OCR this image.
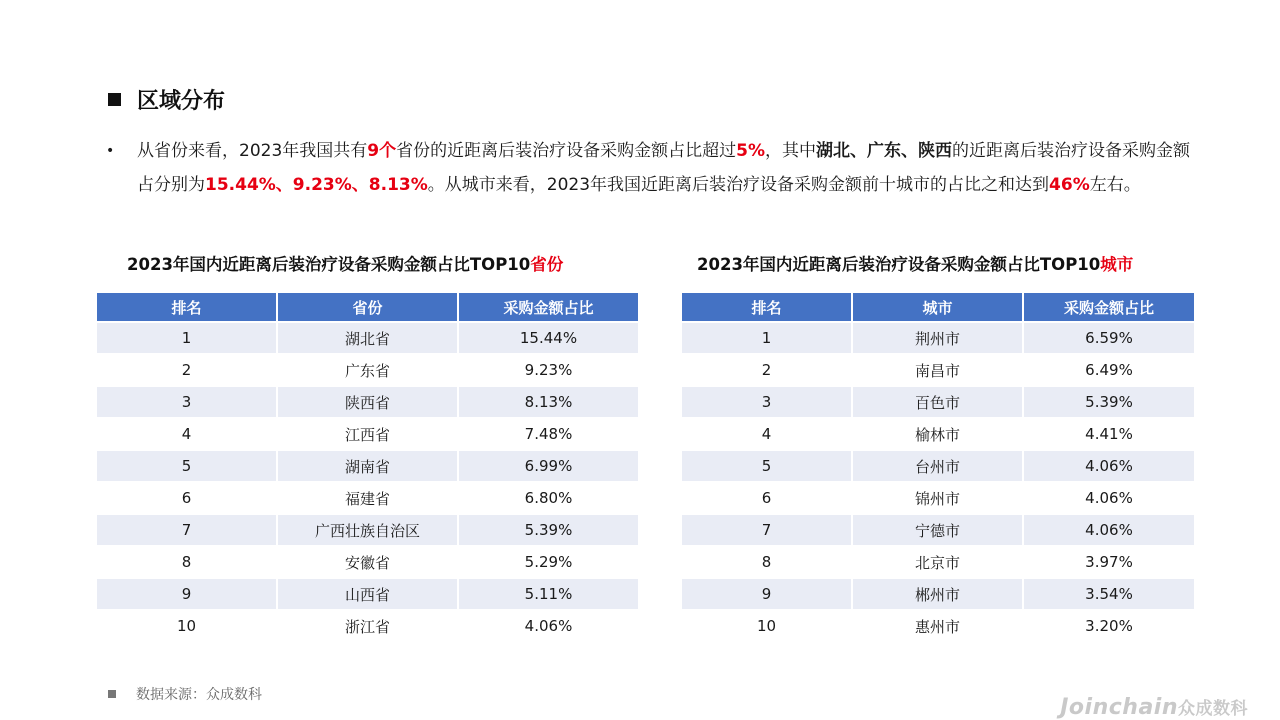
区域分布
• 从省份来看，2023年我国共有9个省份的近距离后装治疗设备采购金额占比超过5%，其中湖北、广东、陕西的近距离后装治疗设备采购金额占分别为15.44%、9.23%、8.13%。从城市来看，2023年我国近距离后装治疗设备采购金额前十城市的占比之和达到46%左右。
2023年国内近距离后装治疗设备采购金额占比TOP10省份
排名	省份	采购金额占比
1	湖北省	15.44%
2	广东省	9.23%
3	陕西省	8.13%
4	江西省	7.48%
5	湖南省	6.99%
6	福建省	6.80%
7	广西壮族自治区	5.39%
8	安徽省	5.29%
9	山西省	5.11%
10	浙江省	4.06%
2023年国内近距离后装治疗设备采购金额占比TOP10城市
排名	城市	采购金额占比
1	荆州市	6.59%
2	南昌市	6.49%
3	百色市	5.39%
4	榆林市	4.41%
5	台州市	4.06%
6	锦州市	4.06%
7	宁德市	4.06%
8	北京市	3.97%
9	郴州市	3.54%
10	惠州市	3.20%
数据来源：众成数科	Joinchain众成数科
